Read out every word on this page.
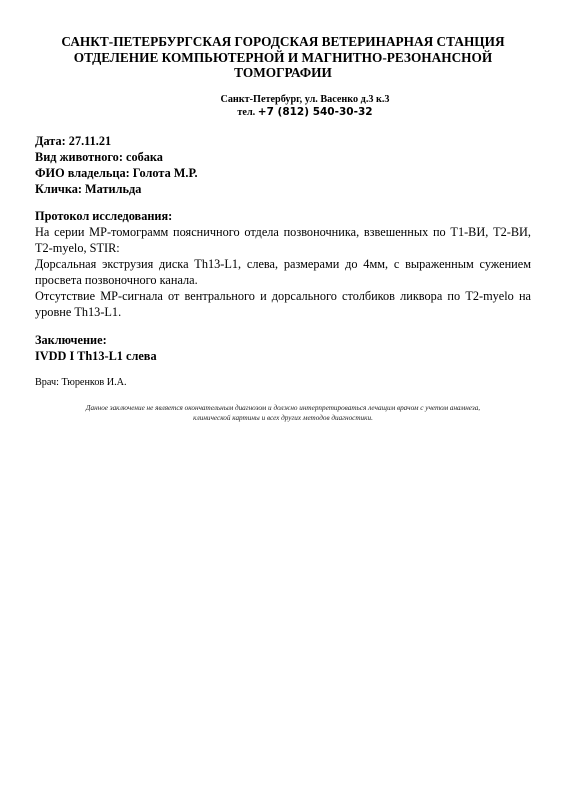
САНКТ-ПЕТЕРБУРГСКАЯ ГОРОДСКАЯ ВЕТЕРИНАРНАЯ СТАНЦИЯ
ОТДЕЛЕНИЕ КОМПЬЮТЕРНОЙ И МАГНИТНО-РЕЗОНАНСНОЙ
ТОМОГРАФИИ
Санкт-Петербург, ул. Васенко д.3 к.3
тел. +7 (812) 540-30-32
Дата: 27.11.21
Вид животного: собака
ФИО владельца: Голота М.Р.
Кличка: Матильда
Протокол исследования:

На серии МР-томограмм поясничного отдела позвоночника, взвешенных по T1-ВИ, T2-ВИ, T2-myelo, STIR:

Дорсальная экструзия диска Th13-L1, слева, размерами до 4мм, с выраженным сужением просвета позвоночного канала.

Отсутствие МР-сигнала от вентрального и дорсального столбиков ликвора по T2-myelo на уровне Th13-L1.

Заключение:
IVDD I Th13-L1 слева
Врач: Тюренков И.А.
Данное заключение не является окончательным диагнозом и должно интерпретироваться лечащим врачом с учетом анамнеза,
клинической картины и всех других методов диагностики.
